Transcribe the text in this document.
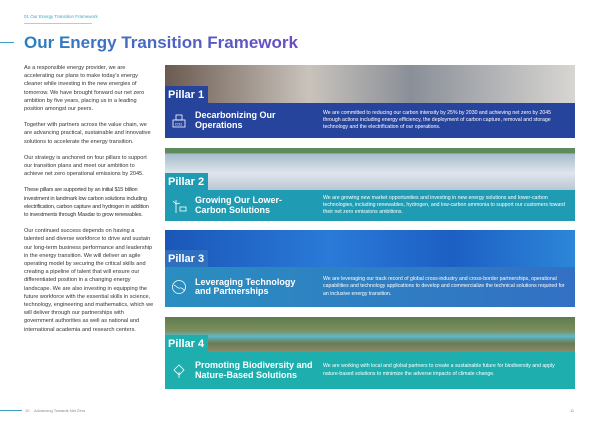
01 Our Energy Transition Framework
Our Energy Transition Framework

As a responsible energy provider, we are accelerating our plans to make today's energy cleaner while investing in the new energies of tomorrow. We have brought forward our net zero ambition by five years, placing us in a leading position amongst our peers.

Together with partners across the value chain, we are advancing practical, sustainable and innovative solutions to accelerate the energy transition.

Our strategy is anchored on four pillars to support our transition plans and meet our ambition to achieve net zero operational emissions by 2045.

These pillars are supported by an initial $15 billion investment in landmark low carbon solutions including electrification, carbon capture and hydrogen in addition to investments through Masdar to grow renewables.

Our continued success depends on having a talented and diverse workforce to drive and sustain our long-term business performance and leadership in the energy transition. We will deliver an agile operating model by securing the critical skills and creating a pipeline of talent that will ensure our differentiated position in a changing energy landscape. We are also investing in equipping the future workforce with the essential skills in science, technology, engineering and mathematics, which we will deliver through our partnerships with government authorities as well as national and international academia and research centers.

Pillar 1
CO2
Decarbonizing Our Operations
We are committed to reducing our carbon intensity by 25% by 2030 and achieving net zero by 2045 through actions including energy efficiency, the deployment of carbon capture, removal and storage technology and the electrification of our operations.
Pillar 2
Growing Our Lower-Carbon Solutions
We are growing new market opportunities and investing in new energy solutions and lower-carbon technologies, including renewables, hydrogen, and low-carbon ammonia to support our customers toward their net zero emissions ambitions.
Pillar 3
Leveraging Technology and Partnerships
We are leveraging our track record of global cross-industry and cross-border partnerships, operational capabilities and technology applications to develop and commercialize the technical solutions required for an inclusive energy transition.
Pillar 4
Promoting Biodiversity and Nature-Based Solutions
We are working with local and global partners to create a sustainable future for biodiversity and apply nature-based solutions to minimize the adverse impacts of climate change.
10 Advancing Towards Net Zero	11
